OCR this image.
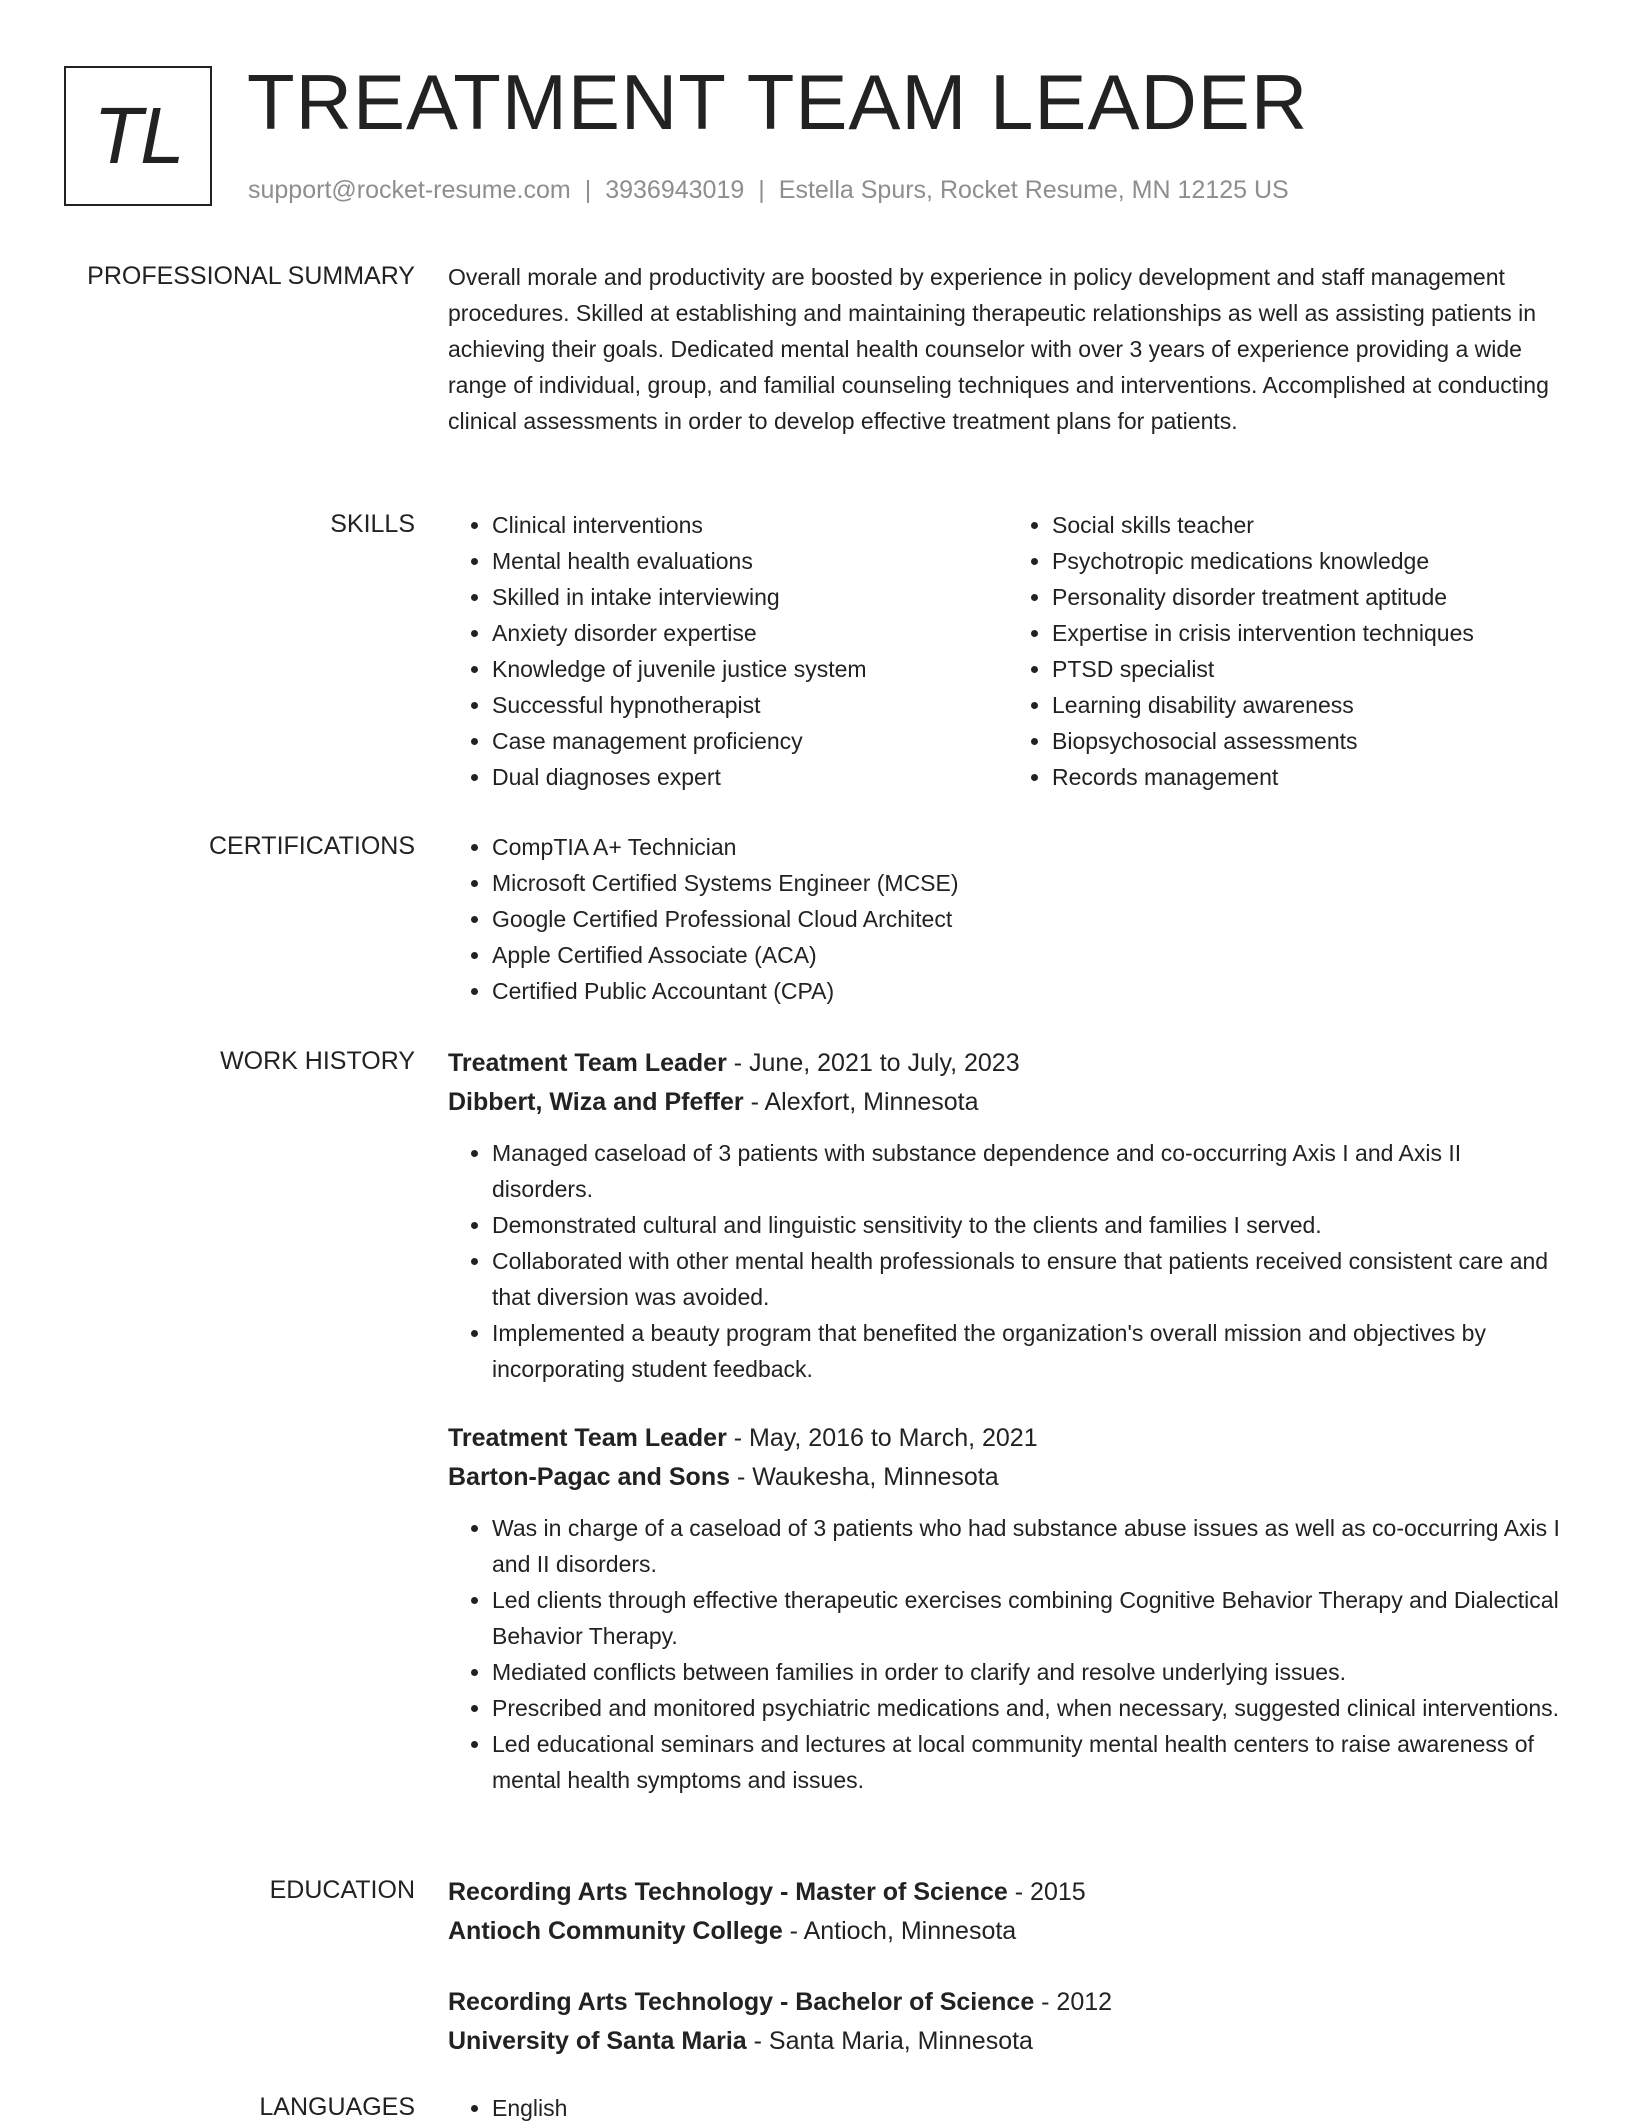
TL TREATMENT TEAM LEADER
support@rocket-resume.com | 3936943019 | Estella Spurs, Rocket Resume, MN 12125 US
PROFESSIONAL SUMMARY Overall morale and productivity are boosted by experience in policy development and staff management procedures. Skilled at establishing and maintaining therapeutic relationships as well as assisting patients in achieving their goals. Dedicated mental health counselor with over 3 years of experience providing a wide range of individual, group, and familial counseling techniques and interventions. Accomplished at conducting clinical assessments in order to develop effective treatment plans for patients.
SKILLS	• Clinical interventions
• Mental health evaluations
• Skilled in intake interviewing
• Anxiety disorder expertise
• Knowledge of juvenile justice system
• Successful hypnotherapist
• Case management proficiency
• Dual diagnoses expert
• Social skills teacher
• Psychotropic medications knowledge
• Personality disorder treatment aptitude
• Expertise in crisis intervention techniques
• PTSD specialist
• Learning disability awareness
• Biopsychosocial assessments
• Records management
CERTIFICATIONS	• CompTIA A+ Technician
• Microsoft Certified Systems Engineer (MCSE)
• Google Certified Professional Cloud Architect
• Apple Certified Associate (ACA)
• Certified Public Accountant (CPA)
WORK HISTORY Treatment Team Leader - June, 2021 to July, 2023
Dibbert, Wiza and Pfeffer - Alexfort, Minnesota
• Managed caseload of 3 patients with substance dependence and co-occurring Axis I and Axis II disorders.
• Demonstrated cultural and linguistic sensitivity to the clients and families I served.
• Collaborated with other mental health professionals to ensure that patients received consistent care and that diversion was avoided.
• Implemented a beauty program that benefited the organization's overall mission and objectives by incorporating student feedback.
Treatment Team Leader - May, 2016 to March, 2021
Barton-Pagac and Sons - Waukesha, Minnesota
• Was in charge of a caseload of 3 patients who had substance abuse issues as well as co-occurring Axis I and II disorders.
• Led clients through effective therapeutic exercises combining Cognitive Behavior Therapy and Dialectical Behavior Therapy.
• Mediated conflicts between families in order to clarify and resolve underlying issues.
• Prescribed and monitored psychiatric medications and, when necessary, suggested clinical interventions.
• Led educational seminars and lectures at local community mental health centers to raise awareness of mental health symptoms and issues.
EDUCATION Recording Arts Technology - Master of Science - 2015
Antioch Community College - Antioch, Minnesota
Recording Arts Technology - Bachelor of Science - 2012
University of Santa Maria - Santa Maria, Minnesota
LANGUAGES	• English
